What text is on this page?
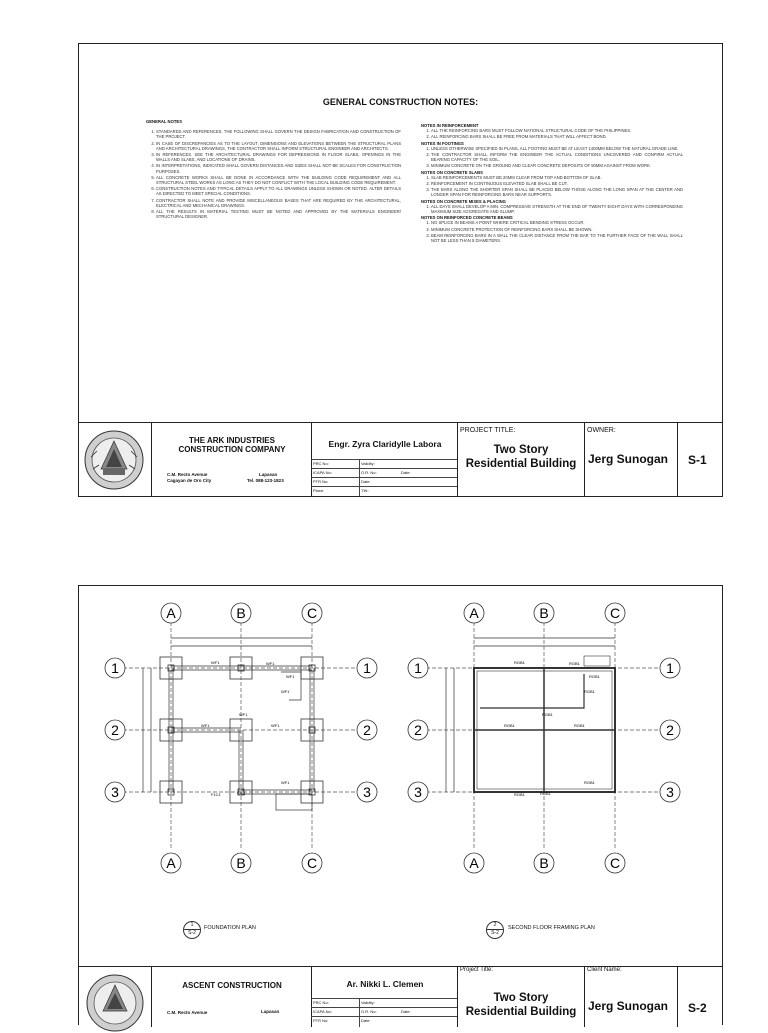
GENERAL CONSTRUCTION NOTES:
GENERAL NOTES
1. STANDARDS AND REFERENCES. THE FOLLOWING SHALL GOVERN THE DESIGN FABRICATION AND CONSTRUCTION OF THE PROJECT.
2. IN CASE OF DISCREPANCIES AS TO THE LAYOUT, DIMENSIONS AND ELEVATIONS BETWEEN THE STRUCTURAL PLANS AND ARCHITECTURAL DRAWINGS, THE CONTRACTOR SHALL INFORM STRUCTURAL ENGINEER AND ARCHITECTS.
3. IN REFERENCES. SEE THE ARCHITECTURAL DRAWINGS FOR DEPRESSIONS IN FLOOR SLABS, OPENINGS IN THE WALLS AND SLABS, AND LOCATIONS OF DRAINS.
4. IN INTERPRETATIONS, INDICATED SHALL GOVERN DISTANCES AND SIZES SHALL NOT BE SCALES FOR CONSTRUCTION PURPOSES.
5. ALL CONCRETE WORKS SHALL BE DONE IN ACCORDANCE WITH THE BUILDING CODE REQUIREMENT AND ALL STRUCTURAL STEEL WORKS AS LONG AS THEY DO NOT CONFLICT WITH THE LOCAL BUILDING CODE REQUIREMENT.
6. CONSTRUCTION NOTES AND TYPICAL DETAILS APPLY TO ALL DRAWINGS UNLESS SHOWN OR NOTED. ALTER DETAILS AS DIRECTED TO MEET SPECIAL CONDITIONS.
7. CONTRACTOR SHALL NOTE AND PROVIDE MISCELLANEOUS BASES THAT ARE REQUIRED BY THE ARCHITECTURAL, ELECTRICAL AND MECHANICAL DRAWINGS.
8. ALL THE RESULTS IN MATERIAL TESTING MUST BE NOTED AND APPROVED BY THE MATERIALS ENGINEER/ STRUCTURAL DESIGNER.
NOTES IN REINFORCEMENT
1. ALL THE REINFORCING BARS MUST FOLLOW NATIONAL STRUCTURAL CODE OF THE PHILIPPINES.
2. ALL REINFORCING BARS SHALL BE FREE FROM MATERIALS THAT WILL AFFECT BOND.
NOTES IN FOOTINGS
1. UNLESS OTHERWISE SPECIFIED IN PLANS, ALL FOOTING MUST BE AT LEAST 1400MM BELOW THE NATURAL GRADE LINE.
2. THE CONTRACTOR SHALL INFORM THE ENGINEER THE ACTUAL CONDITIONS UNCOVERED AND CONFIRM ACTUAL BEARING CAPACITY OF THE SOIL.
3. MINIMUM CONCRETE ON THE GROUND AND CLEAR CONCRETE DEPOSITS OF 50MM AGAINST FROM WORK.
NOTES ON CONCRETE SLABS
1. SLAB REINFORCEMENTS MUST BE 20MM CLEAR FROM TOP AND BOTTOM OF SLAB.
2. REINFORCEMENT IN CONTINUOUS ELEVATED SLAB SHALL BE CUT.
3. THE BARS ALONG THE SHORTER SPAN SHALL BE PLACED BELOW THOSE ALONG THE LONG SPAN AT THE CENTER AND LONGER SPAN FOR REINFORCING BARS NEAR SUPPORTS.
NOTES ON CONCRETE MIXES & PLACING
1. ALL DAYS SHALL DEVELOP A MIN. COMPRESSIVE STRENGTH AT THE END OF TWENTY EIGHT DAYS WITH CORRESPONDING MAXIMUM SIZE AGGREGATE AND SLUMP.
NOTES ON REINFORCED CONCRETE BEAMS
1. NO SPLICE IN BEAMS A POINT WHERE CRITICAL BENDING STRESS OCCUR.
2. MINIMUM CONCRETE PROTECTION OF REINFORCING BARS SHALL BE SHOWN.
3. BEAM REINFORCING BARS IN A WALL THE CLEAR DISTANCE FROM THE BAR TO THE FURTHER FACE OF THE WALL SHALL NOT BE LESS THAN 5 DIAMETERS.
THE ARK INDUSTRIES
CONSTRUCTION COMPANY
C.M. Recto Avenue
Cagayan de Oro City
Lapasan
Tel. 088-123-1823
Engr. Zyra Claridylle Labora
PRC No:	Validity:
ICAPA No:	O.R. No:	Date:
PTR No:	Date:
Place:	TIN:
PROJECT TITLE:
Two Story
Residential Building
OWNER:
Jerg Sunogan S-1
A
A
B
B
C
C
1	1
2	2
3	3
WF1	WF1
WF1
WF1
WF1	WF1
WF1
F1C1
WF1
WF1
A
A
B
B
C
C
1	1
2	2
3	3
RGB1	RGB1
RGB1
RGB1
RGB1	RGB1
RGB1
RGB1
RGB1
RGB1
1
S-2
FOUNDATION PLAN	2
S-2
SECOND FLOOR FRAMING PLAN
ASCENT CONSTRUCTION
C.M. Recto Avenue	Lapasan
Ar. Nikki L. Clemen
PRC No:	Validity:
ICAPA No:	O.R. No:	Date:
PTR No:	Date:
Project Title:
Two Story
Residential Building
Client Name:
Jerg Sunogan S-2
